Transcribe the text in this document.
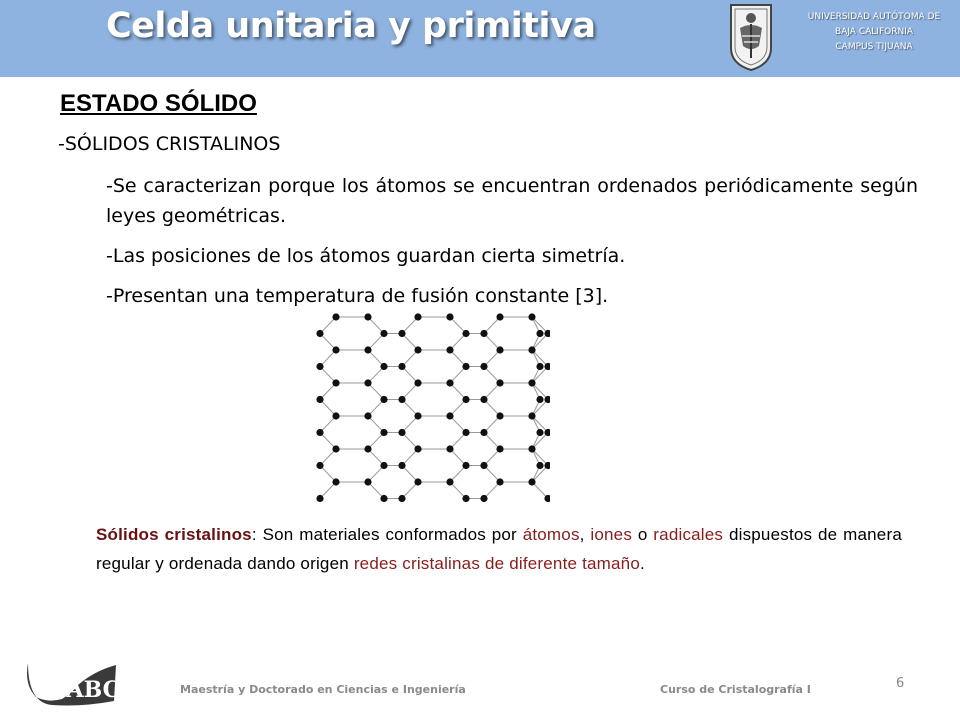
Celda unitaria y primitiva	UNIVERSIDAD AUTÓTOMA DE
BAJA CALIFORNIA
CAMPUS TIJUANA
ESTADO SÓLIDO
-SÓLIDOS CRISTALINOS
-Se caracterizan porque los átomos se encuentran ordenados periódicamente según leyes geométricas.
-Las posiciones de los átomos guardan cierta simetría.
-Presentan una temperatura de fusión constante [3].
Sólidos cristalinos: Son materiales conformados por átomos, iones o radicales dispuestos de manera regular y ordenada dando origen redes cristalinas de diferente tamaño.
UABC	Maestría y Doctorado en Ciencias e Ingeniería	Curso de Cristalografía I	6
